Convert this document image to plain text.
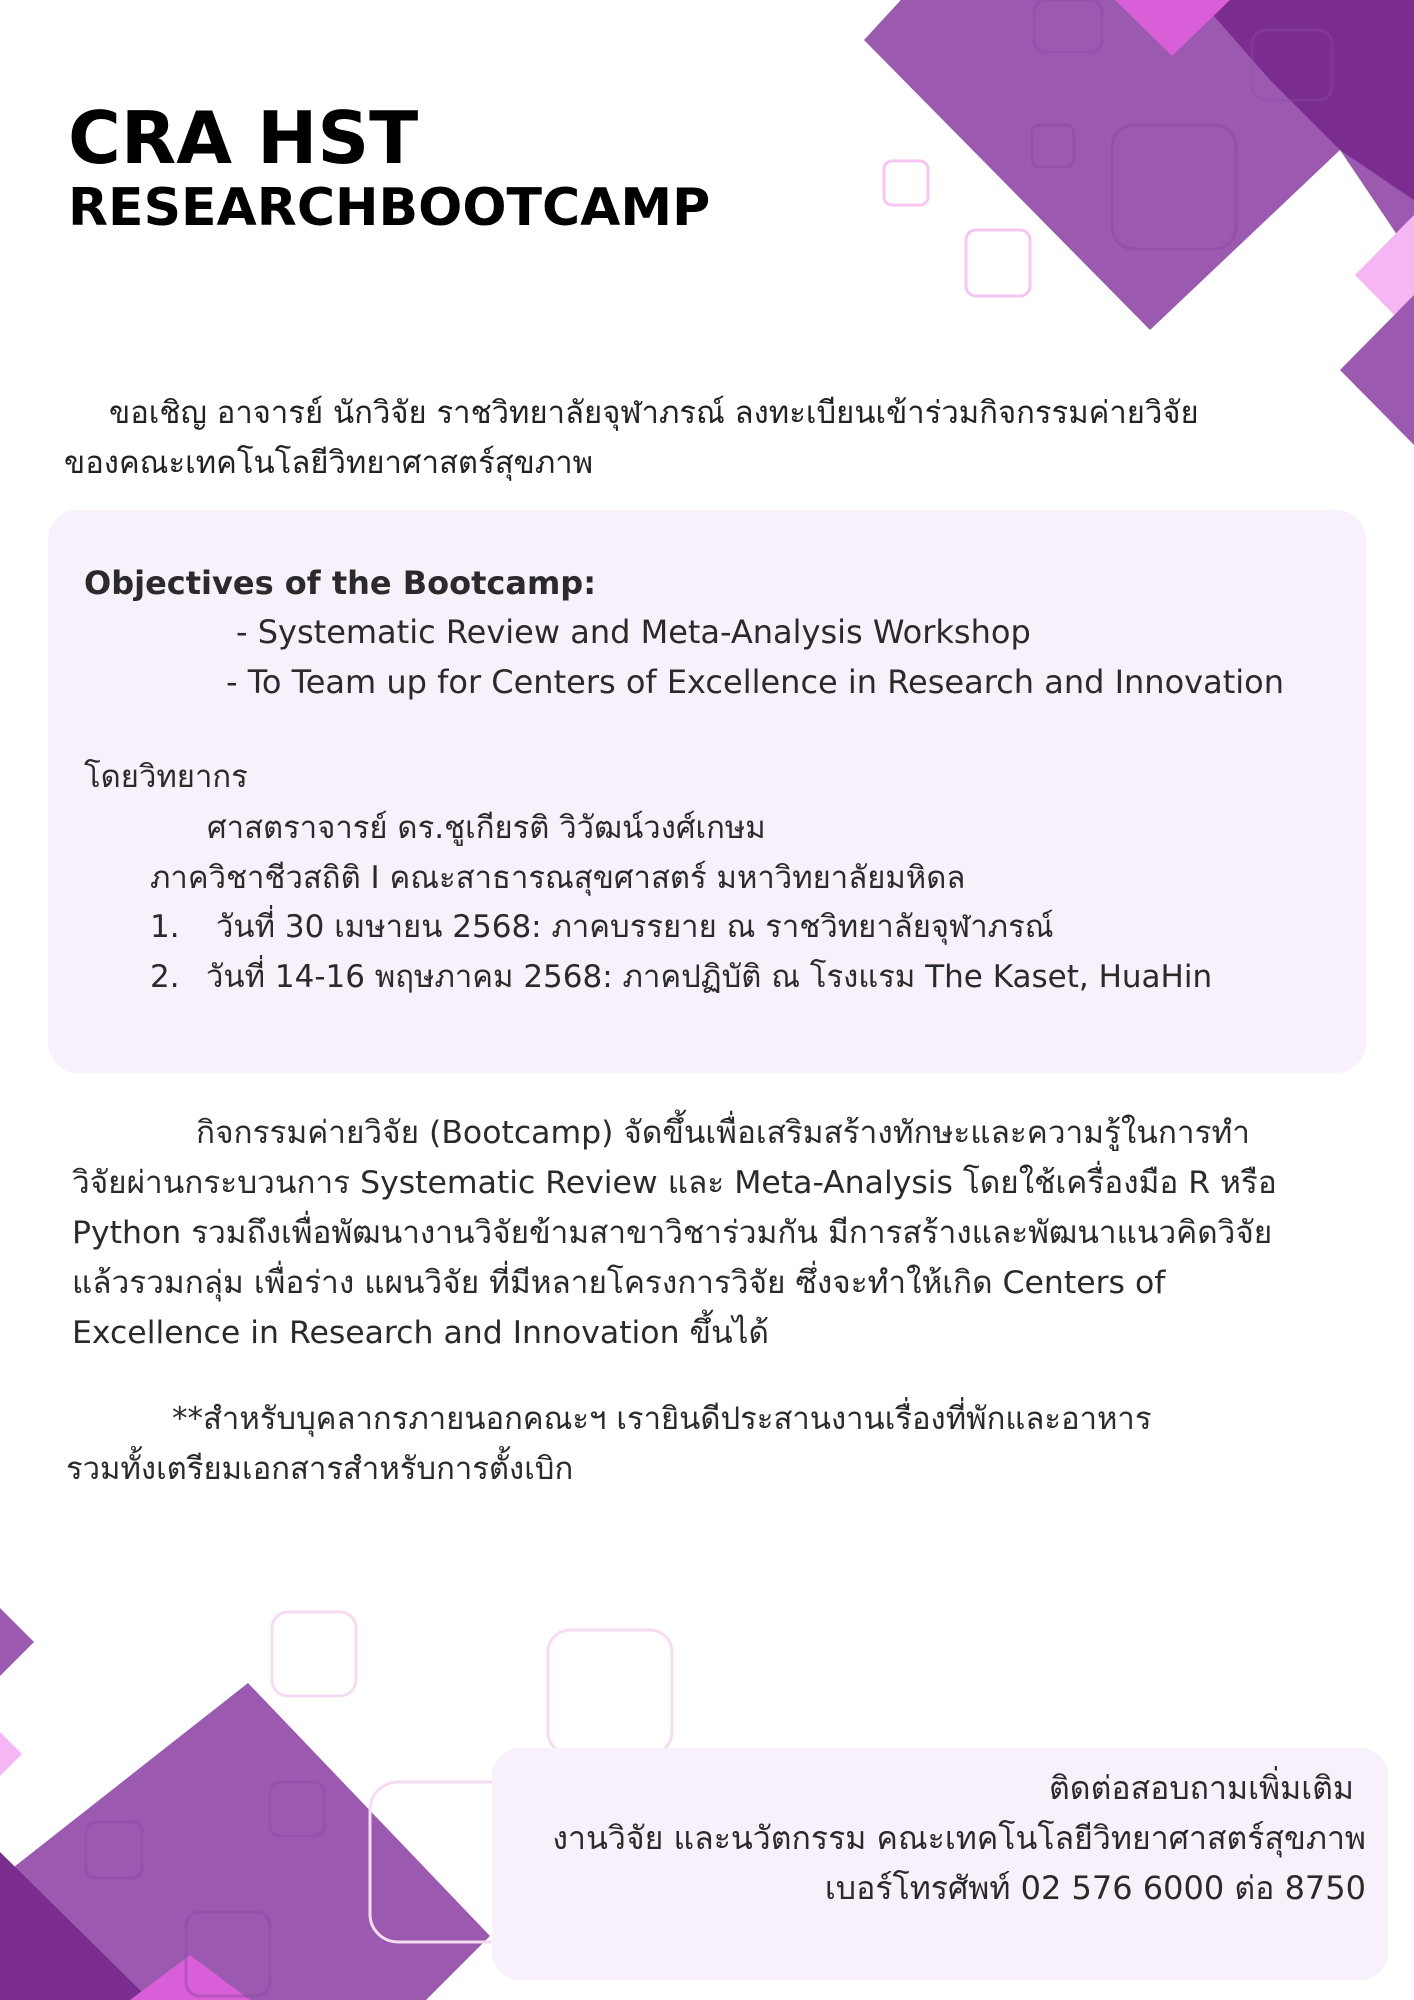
CRA HST
RESEARCHBOOTCAMP
ขอเชิญ อาจารย์ นักวิจัย ราชวิทยาลัยจุฬาภรณ์ ลงทะเบียนเข้าร่วมกิจกรรมค่ายวิจัย
ของคณะเทคโนโลยีวิทยาศาสตร์สุขภาพ
Objectives of the Bootcamp:
- Systematic Review and Meta-Analysis Workshop
- To Team up for Centers of Excellence in Research and Innovation
โดยวิทยากร
ศาสตราจารย์ ดร.ชูเกียรติ วิวัฒน์วงศ์เกษม
ภาควิชาชีวสถิติ I คณะสาธารณสุขศาสตร์ มหาวิทยาลัยมหิดล
1. วันที่ 30 เมษายน 2568: ภาคบรรยาย ณ ราชวิทยาลัยจุฬาภรณ์
2. วันที่ 14-16 พฤษภาคม 2568: ภาคปฏิบัติ ณ โรงแรม The Kaset, HuaHin
กิจกรรมค่ายวิจัย (Bootcamp) จัดขึ้นเพื่อเสริมสร้างทักษะและความรู้ในการทำ
วิจัยผ่านกระบวนการ Systematic Review และ Meta-Analysis โดยใช้เครื่องมือ R หรือ
Python รวมถึงเพื่อพัฒนางานวิจัยข้ามสาขาวิชาร่วมกัน มีการสร้างและพัฒนาแนวคิดวิจัย
แล้วรวมกลุ่ม เพื่อร่าง แผนวิจัย ที่มีหลายโครงการวิจัย ซึ่งจะทำให้เกิด Centers of
Excellence in Research and Innovation ขึ้นได้
**สำหรับบุคลากรภายนอกคณะฯ เรายินดีประสานงานเรื่องที่พักและอาหาร
รวมทั้งเตรียมเอกสารสำหรับการตั้งเบิก
ติดต่อสอบถามเพิ่มเติม
งานวิจัย และนวัตกรรม คณะเทคโนโลยีวิทยาศาสตร์สุขภาพ
เบอร์โทรศัพท์ 02 576 6000 ต่อ 8750
